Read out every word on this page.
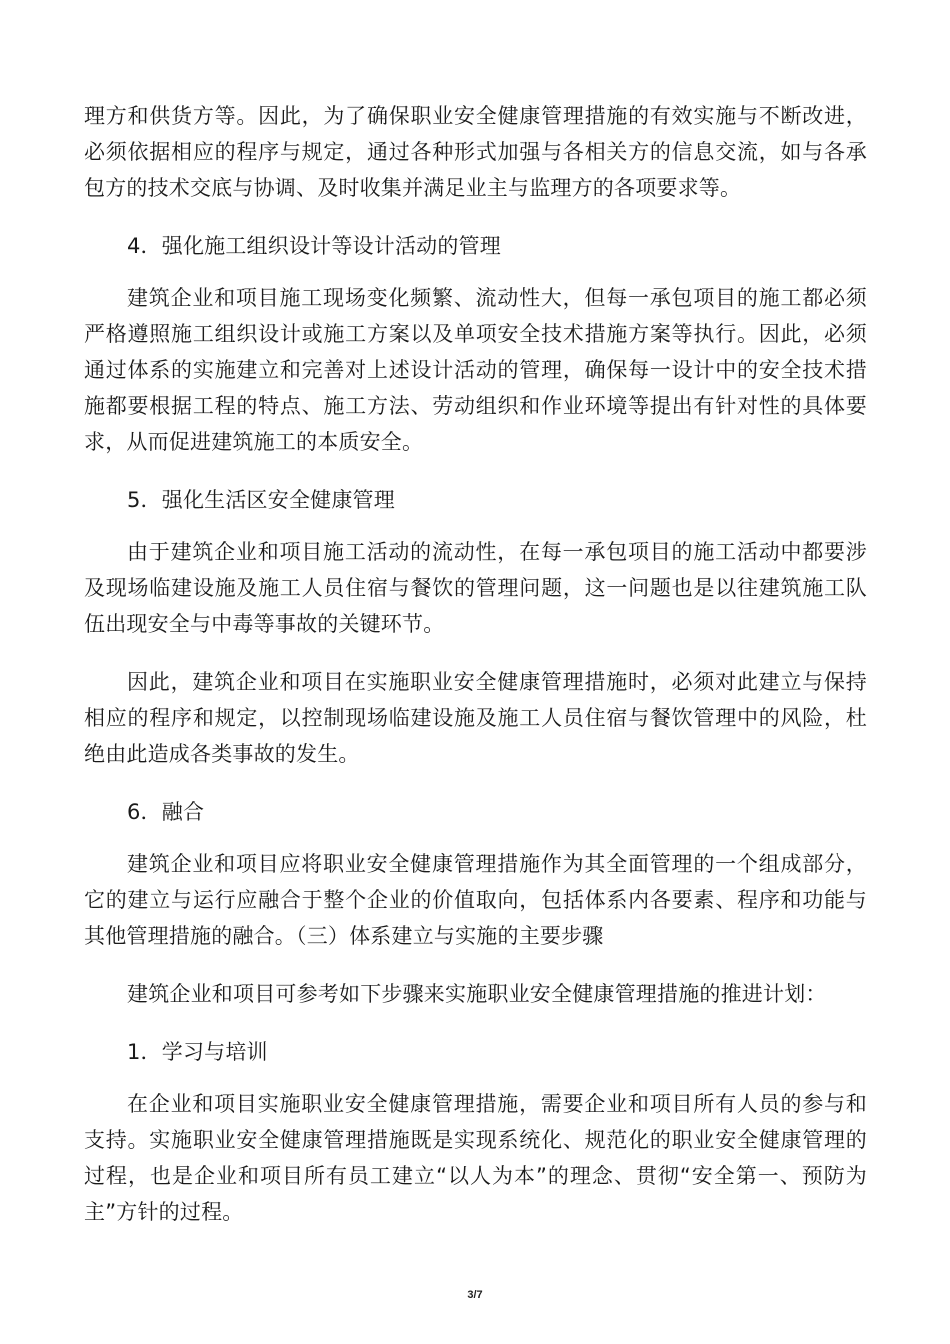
理方和供货方等。因此，为了确保职业安全健康管理措施的有效实施与不断改进，必须依据相应的程序与规定，通过各种形式加强与各相关方的信息交流，如与各承包方的技术交底与协调、及时收集并满足业主与监理方的各项要求等。

4．强化施工组织设计等设计活动的管理

建筑企业和项目施工现场变化频繁、流动性大，但每一承包项目的施工都必须严格遵照施工组织设计或施工方案以及单项安全技术措施方案等执行。因此，必须通过体系的实施建立和完善对上述设计活动的管理，确保每一设计中的安全技术措施都要根据工程的特点、施工方法、劳动组织和作业环境等提出有针对性的具体要求，从而促进建筑施工的本质安全。

5．强化生活区安全健康管理

由于建筑企业和项目施工活动的流动性，在每一承包项目的施工活动中都要涉及现场临建设施及施工人员住宿与餐饮的管理问题，这一问题也是以往建筑施工队伍出现安全与中毒等事故的关键环节。

因此，建筑企业和项目在实施职业安全健康管理措施时，必须对此建立与保持相应的程序和规定，以控制现场临建设施及施工人员住宿与餐饮管理中的风险，杜绝由此造成各类事故的发生。

6．融合

建筑企业和项目应将职业安全健康管理措施作为其全面管理的一个组成部分，它的建立与运行应融合于整个企业的价值取向，包括体系内各要素、程序和功能与其他管理措施的融合。（三）体系建立与实施的主要步骤

建筑企业和项目可参考如下步骤来实施职业安全健康管理措施的推进计划：

1．学习与培训

在企业和项目实施职业安全健康管理措施，需要企业和项目所有人员的参与和支持。实施职业安全健康管理措施既是实现系统化、规范化的职业安全健康管理的过程，也是企业和项目所有员工建立“以人为本”的理念、贯彻“安全第一、预防为主”方针的过程。

3/7
